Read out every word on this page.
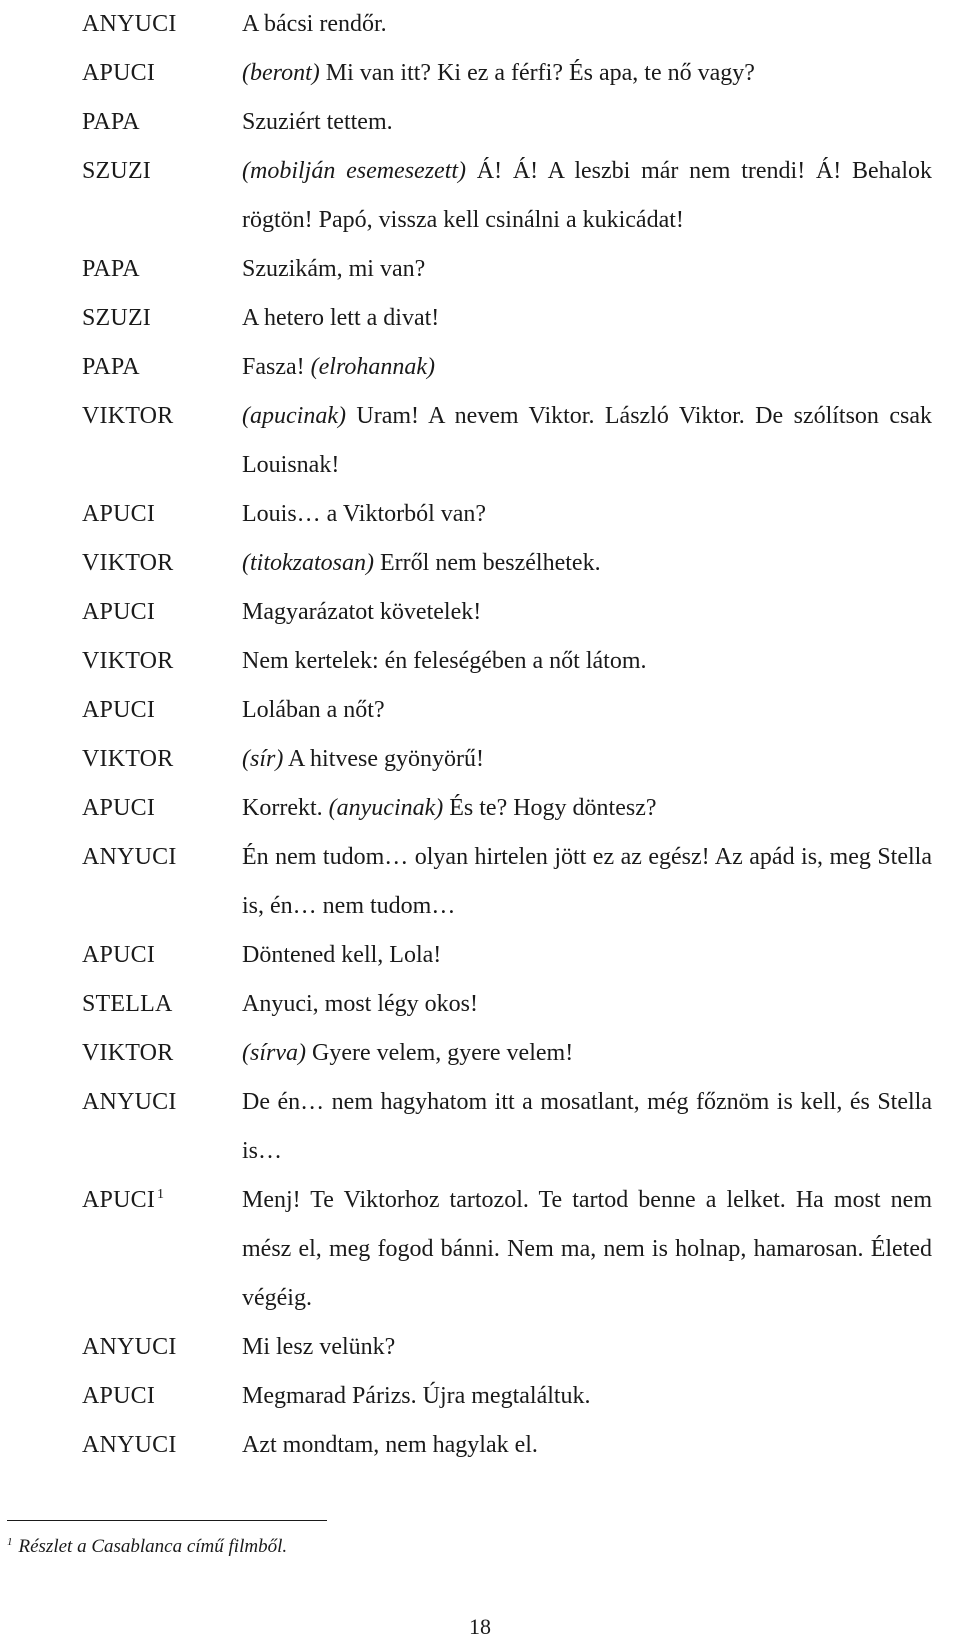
ANYUCI	A bácsi rendőr.
APUCI	(beront) Mi van itt? Ki ez a férfi? És apa, te nő vagy?
PAPA	Szuziért tettem.
SZUZI	(mobilján esemesezett) Á! Á! A leszbi már nem trendi! Á! Behalok rögtön! Papó, vissza kell csinálni a kukicádat!
PAPA	Szuzikám, mi van?
SZUZI	A hetero lett a divat!
PAPA	Fasza! (elrohannak)
VIKTOR	(apucinak) Uram! A nevem Viktor. László Viktor. De szólítson csak Louisnak!
APUCI	Louis… a Viktorból van?
VIKTOR	(titokzatosan) Erről nem beszélhetek.
APUCI	Magyarázatot követelek!
VIKTOR	Nem kertelek: én feleségében a nőt látom.
APUCI	Lolában a nőt?
VIKTOR	(sír) A hitvese gyönyörű!
APUCI	Korrekt. (anyucinak) És te? Hogy döntesz?
ANYUCI	Én nem tudom… olyan hirtelen jött ez az egész! Az apád is, meg Stella is, én… nem tudom…
APUCI	Döntened kell, Lola!
STELLA	Anyuci, most légy okos!
VIKTOR	(sírva) Gyere velem, gyere velem!
ANYUCI	De én… nem hagyhatom itt a mosatlant, még főznöm is kell, és Stella is…
APUCI $^1$	Menj! Te Viktorhoz tartozol. Te tartod benne a lelket. Ha most nem mész el, meg fogod bánni. Nem ma, nem is holnap, hamarosan. Életed végéig.
ANYUCI	Mi lesz velünk?
APUCI	Megmarad Párizs. Újra megtaláltuk.
ANYUCI	Azt mondtam, nem hagylak el.
$^1$ Részlet a Casablanca című filmből.
18
